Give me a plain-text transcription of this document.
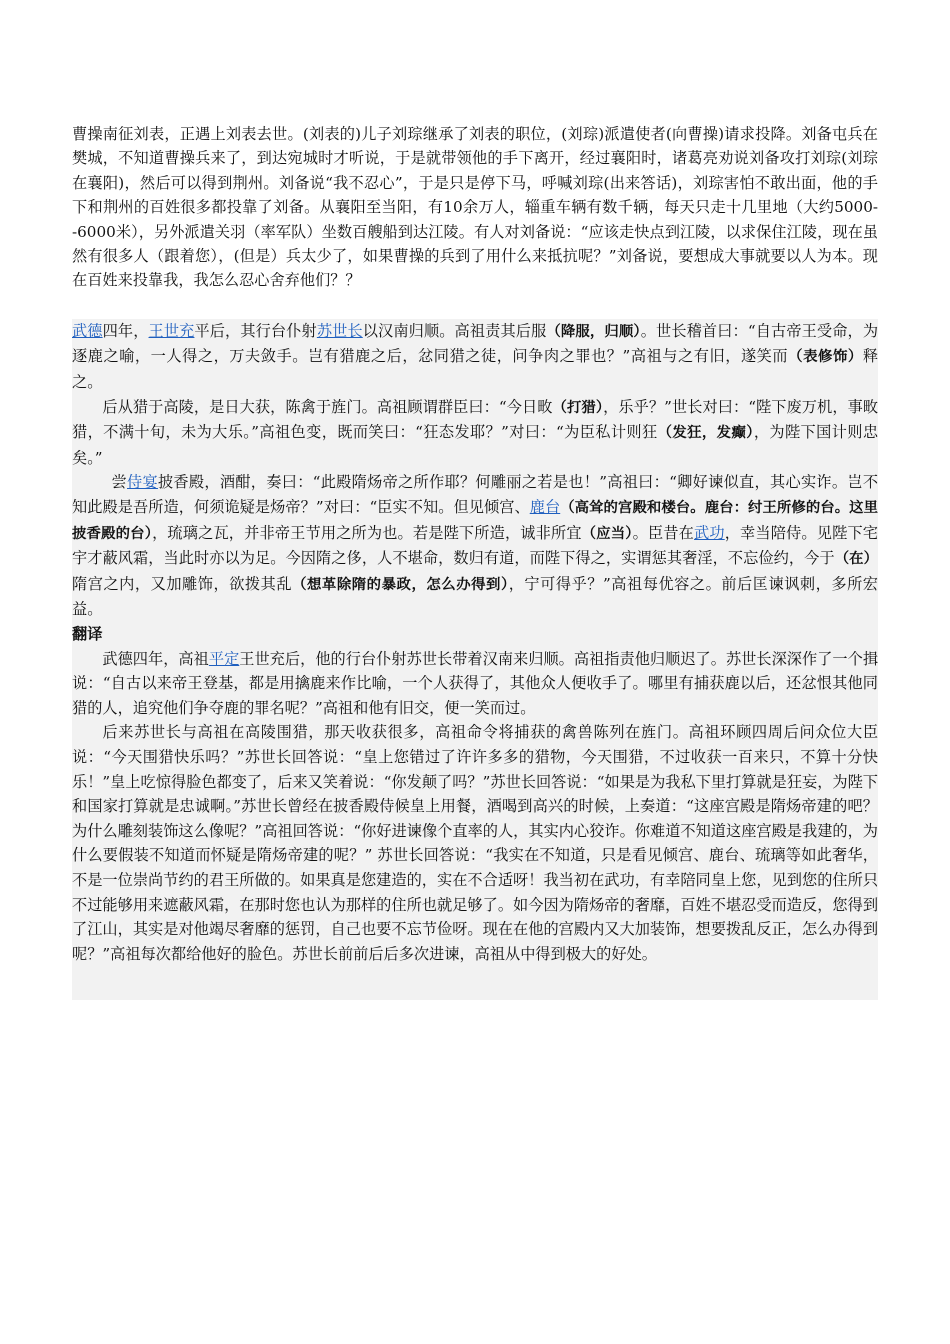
曹操南征刘表，正遇上刘表去世。(刘表的)儿子刘琮继承了刘表的职位，(刘琮)派遣使者(向曹操)请求投降。刘备屯兵在樊城，不知道曹操兵来了，到达宛城时才听说，于是就带领他的手下离开，经过襄阳时，诸葛亮劝说刘备攻打刘琮(刘琮在襄阳)，然后可以得到荆州。刘备说“我不忍心”，于是只是停下马，呼喊刘琮(出来答话)，刘琮害怕不敢出面，他的手下和荆州的百姓很多都投靠了刘备。从襄阳至当阳，有10余万人，辎重车辆有数千辆，每天只走十几里地（大约5000--6000米），另外派遣关羽（率军队）坐数百艘船到达江陵。有人对刘备说：“应该走快点到江陵，以求保住江陵，现在虽然有很多人（跟着您），(但是）兵太少了，如果曹操的兵到了用什么来抵抗呢？”刘备说，要想成大事就要以人为本。现在百姓来投靠我，我怎么忍心舍弃他们？？

武德四年，王世充平后，其行台仆射苏世长以汉南归顺。高祖责其后服（降服，归顺）。世长稽首曰：“自古帝王受命，为逐鹿之喻，一人得之，万夫敛手。岂有猎鹿之后，忿同猎之徒，问争肉之罪也？”高祖与之有旧，遂笑而（表修饰）释之。

后从猎于高陵，是日大获，陈禽于旌门。高祖顾谓群臣曰：“今日畋（打猎），乐乎？”世长对曰：“陛下废万机，事畋猎，不满十旬，未为大乐。”高祖色变，既而笑曰：“狂态发耶？”对曰：“为臣私计则狂（发狂，发癫），为陛下国计则忠矣。”

尝侍宴披香殿，酒酣，奏曰：“此殿隋炀帝之所作耶？何雕丽之若是也！”高祖曰：“卿好谏似直，其心实诈。岂不知此殿是吾所造，何须诡疑是炀帝？”对曰：“臣实不知。但见倾宫、鹿台（高耸的宫殿和楼台。鹿台：纣王所修的台。这里披香殿的台），琉璃之瓦，并非帝王节用之所为也。若是陛下所造，诚非所宜（应当）。臣昔在武功，幸当陪侍。见陛下宅宇才蔽风霜，当此时亦以为足。今因隋之侈，人不堪命，数归有道，而陛下得之，实谓惩其奢淫，不忘俭约，今于（在）隋宫之内，又加雕饰，欲拨其乱（想革除隋的暴政，怎么办得到），宁可得乎？”高祖每优容之。前后匡谏讽刺，多所宏益。

翻译

武德四年，高祖平定王世充后，他的行台仆射苏世长带着汉南来归顺。高祖指责他归顺迟了。苏世长深深作了一个揖说：“自古以来帝王登基，都是用擒鹿来作比喻，一个人获得了，其他众人便收手了。哪里有捕获鹿以后，还忿恨其他同猎的人，追究他们争夺鹿的罪名呢？”高祖和他有旧交，便一笑而过。

后来苏世长与高祖在高陵围猎，那天收获很多，高祖命令将捕获的禽兽陈列在旌门。高祖环顾四周后问众位大臣说：“今天围猎快乐吗？”苏世长回答说：“皇上您错过了许许多多的猎物，今天围猎，不过收获一百来只，不算十分快乐！”皇上吃惊得脸色都变了，后来又笑着说：“你发颠了吗？”苏世长回答说：“如果是为我私下里打算就是狂妄，为陛下和国家打算就是忠诚啊。”苏世长曾经在披香殿侍候皇上用餐，酒喝到高兴的时候，上奏道：“这座宫殿是隋炀帝建的吧？为什么雕刻装饰这么像呢？”高祖回答说：“你好进谏像个直率的人，其实内心狡诈。你难道不知道这座宫殿是我建的，为什么要假装不知道而怀疑是隋炀帝建的呢？” 苏世长回答说：“我实在不知道，只是看见倾宫、鹿台、琉璃等如此奢华，不是一位崇尚节约的君王所做的。如果真是您建造的，实在不合适呀！我当初在武功，有幸陪同皇上您，见到您的住所只不过能够用来遮蔽风霜，在那时您也认为那样的住所也就足够了。如今因为隋炀帝的奢靡，百姓不堪忍受而造反，您得到了江山，其实是对他竭尽奢靡的惩罚，自己也要不忘节俭呀。现在在他的宫殿内又大加装饰，想要拨乱反正，怎么办得到呢？”高祖每次都给他好的脸色。苏世长前前后后多次进谏，高祖从中得到极大的好处。
